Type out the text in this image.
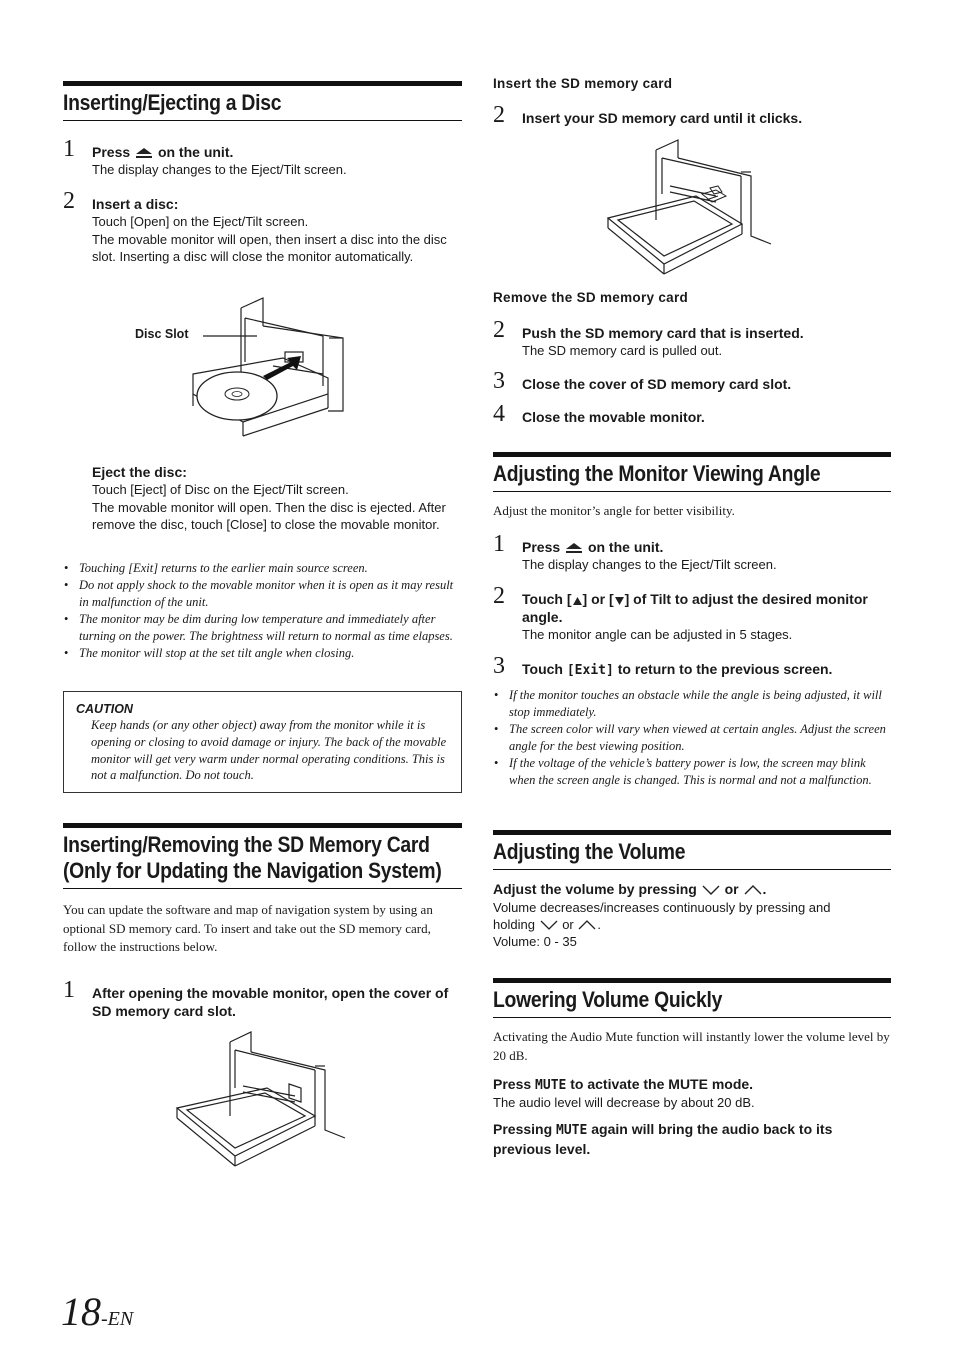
Inserting/Ejecting a Disc
1 Press on the unit.
The display changes to the Eject/Tilt screen.
2 Insert a disc:
Touch [Open] on the Eject/Tilt screen.
The movable monitor will open, then insert a disc into the disc slot. Inserting a disc will close the monitor automatically.
Disc Slot
Eject the disc:
Touch [Eject] of Disc on the Eject/Tilt screen.
The movable monitor will open. Then the disc is ejected. After remove the disc, touch [Close] to close the movable monitor.
• Touching [Exit] returns to the earlier main source screen.
• Do not apply shock to the movable monitor when it is open as it may result in malfunction of the unit.
• The monitor may be dim during low temperature and immediately after turning on the power. The brightness will return to normal as time elapses.
• The monitor will stop at the set tilt angle when closing.
CAUTION
Keep hands (or any other object) away from the monitor while it is opening or closing to avoid damage or injury. The back of the movable monitor will get very warm under normal operating conditions. This is not a malfunction. Do not touch.
Inserting/Removing the SD Memory Card
(Only for Updating the Navigation System)
You can update the software and map of navigation system by using an optional SD memory card. To insert and take out the SD memory card, follow the instructions below.
1 After opening the movable monitor, open the cover of SD memory card slot.
Insert the SD memory card
2 Insert your SD memory card until it clicks.
Remove the SD memory card
2 Push the SD memory card that is inserted.
The SD memory card is pulled out.
3 Close the cover of SD memory card slot.
4 Close the movable monitor.
Adjusting the Monitor Viewing Angle
Adjust the monitor’s angle for better visibility.
1 Press on the unit.
The display changes to the Eject/Tilt screen.
2 Touch [ ] or [ ] of Tilt to adjust the desired monitor angle.
The monitor angle can be adjusted in 5 stages.
3 Touch [Exit] to return to the previous screen.
• If the monitor touches an obstacle while the angle is being adjusted, it will stop immediately.
• The screen color will vary when viewed at certain angles. Adjust the screen angle for the best viewing position.
• If the voltage of the vehicle’s battery power is low, the screen may blink when the screen angle is changed. This is normal and not a malfunction.
Adjusting the Volume
Adjust the volume by pressing or .
Volume decreases/increases continuously by pressing and
holding or .
Volume: 0 - 35
Lowering Volume Quickly
Activating the Audio Mute function will instantly lower the volume level by 20 dB.
Press MUTE to activate the MUTE mode.
The audio level will decrease by about 20 dB.
Pressing MUTE again will bring the audio back to its previous level.
18-EN
